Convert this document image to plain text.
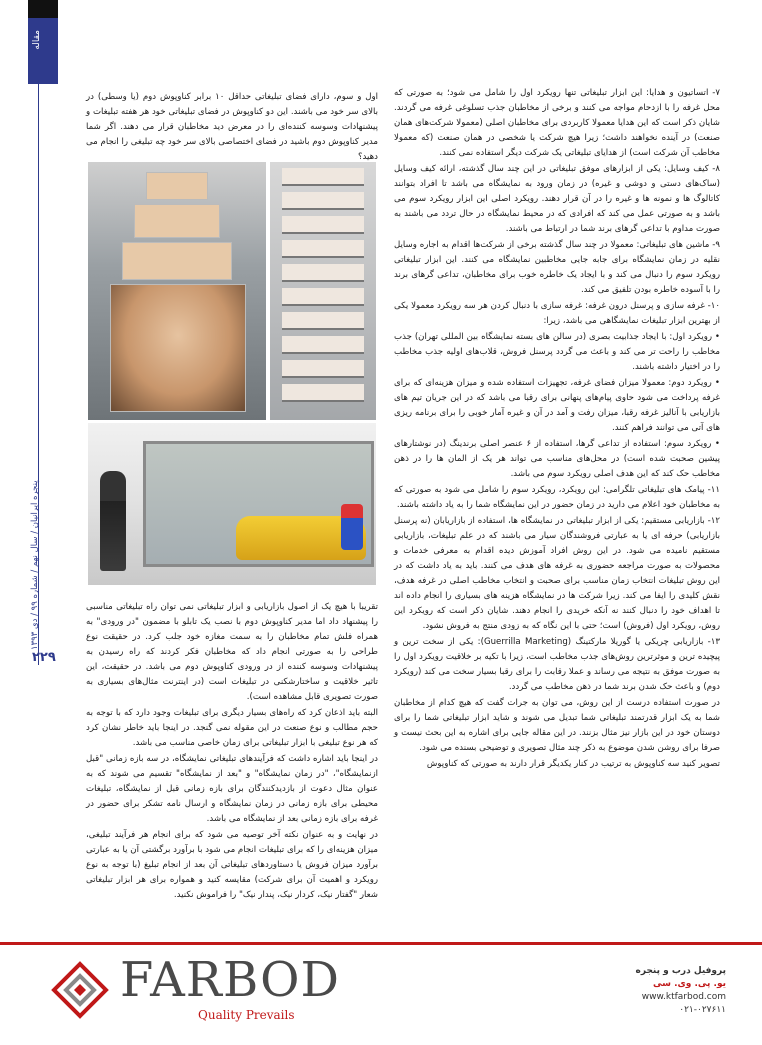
مقاله
پنجره ایرانیان / سال نهم / شماره ۹۹ / دی ۱۳۹۳
۲۲۹

۷- اتساتیون و هدایا: این ابزار تبلیغاتی تنها رویکرد اول را شامل می شود؛ به صورتی که محل غرفه را با ازدحام مواجه می کنند و برخی از مخاطبان جذب تسلوغی غرفه می گردند. شایان ذکر است که این هدایا معمولا کاربردی برای مخاطبان اصلی (معمولا شرکت‌های همان صنعت) در آینده نخواهند داشت؛ زیرا هیچ شرکت یا شخصی در همان صنعت (که معمولا مخاطب آن شرکت است) از هدایای تبلیغاتی یک شرکت دیگر استفاده نمی کنند.

۸- کیف وسایل: یکی از ابزارهای موفق تبلیغاتی در این چند سال گذشته، ارائه کیف وسایل (ساک‌های دستی و دوشی و غیره) در زمان ورود به نمایشگاه می باشد تا افراد بتوانند کاتالوگ ها و نمونه ها و غیره را در آن قرار دهند. رویکرد اصلی این ابزار رویکرد سوم می باشد و به صورتی عمل می کند که افرادی که در محیط نمایشگاه در حال تردد می باشند به صورت مداوم با تداعی گرهای برند شما در ارتباط می باشند.

۹- ماشین های تبلیغاتی: معمولا در چند سال گذشته برخی از شرکت‌ها اقدام به اجاره وسایل نقلیه در زمان نمایشگاه برای جابه جایی مخاطبین نمایشگاه می کنند. این ابزار تبلیغاتی رویکرد سوم را دنبال می کند و با ایجاد یک خاطره خوب برای مخاطبان، تداعی گرهای برند را با آسوده خاطره بودن تلفیق می کند.

۱۰- غرفه سازی و پرسنل درون غرفه: غرفه سازی با دنبال کردن هر سه رویکرد معمولا یکی از بهترین ابزار تبلیغات نمایشگاهی می باشد، زیرا:

• رویکرد اول: با ایجاد جذابیت بصری (در سالن های بسته نمایشگاه بین المللی تهران) جذب مخاطب را راحت تر می کند و باعث می گردد پرسنل فروش، قلاب‌های اولیه جذب مخاطب را در اختیار داشته باشند.

• رویکرد دوم: معمولا میزان فضای غرفه، تجهیزات استفاده شده و میزان هزینه‌ای که برای غرفه پرداخت می شود حاوی پیام‌های پنهانی برای رقبا می باشد که در این جریان تیم های بازاریابی با آنالیز غرفه رقبا، میزان رفت و آمد در آن و غیره آمار خوبی را برای برنامه ریزی های آتی می توانند فراهم کنند.

• رویکرد سوم: استفاده از تداعی گرها، استفاده از ۶ عنصر اصلی برندینگ (در نوشتارهای پیشین صحبت شده است) در محل‌های مناسب می تواند هر یک از المان ها را در ذهن مخاطب حک کند که این هدف اصلی رویکرد سوم می باشد.

۱۱- پیامک های تبلیغاتی تلگرامی: این رویکرد، رویکرد سوم را شامل می شود به صورتی که به مخاطبان خود اعلام می دارید در زمان حضور در این نمایشگاه شما را به یاد داشته باشند.

۱۲- بازاریابی مستقیم: یکی از ابزار تبلیغاتی در نمایشگاه ها، استفاده از بازاریابان (نه پرسنل بازاریابی) حرفه ای یا به عبارتی فروشندگان سیار می باشند که در علم تبلیغات، بازاریابی مستقیم نامیده می شود. در این روش افراد آموزش دیده اقدام به معرفی خدمات و محصولات به صورت مراجعه حضوری به غرفه های هدف می کنند. باید به یاد داشت که در این روش تبلیغات انتخاب زمان مناسب برای صحبت و انتخاب مخاطب اصلی در غرفه هدف، نقش کلیدی را ایفا می کند. زیرا شرکت ها در نمایشگاه هزینه های بسیاری را انجام داده اند تا اهداف خود را دنبال کنند نه آنکه خریدی را انجام دهند. شایان ذکر است که رویکرد این روش، رویکرد اول (فروش) است؛ حتی با این نگاه که به زودی منتج به فروش نشود.

۱۳- بازاریابی چریکی یا گوریلا مارکتینگ (Guerrilla Marketing): یکی از سخت ترین و پیچیده ترین و موثرترین روش‌های جذب مخاطب است، زیرا با تکیه بر خلاقیت رویکرد اول را به صورت موفق به نتیجه می رساند و عملا رقابت را برای رقبا بسیار سخت می کند (رویکرد دوم) و باعث حک شدن برند شما در ذهن مخاطب می گردد.

در صورت استفاده درست از این روش، می توان به جرات گفت که هیچ کدام از مخاطبان شما به یک ابزار قدرتمند تبلیغاتی شما تبدیل می شوند و شاید ابزار تبلیغاتی شما را برای دوستان خود در این بازار نیز مثال بزنند. در این مقاله جایی برای اشاره به این بحث نیست و صرفا برای روشن شدن موضوع به ذکر چند مثال تصویری و توضیحی بسنده می شود.

تصویر کنید سه کناوپوش به ترتیب در کنار یکدیگر قرار دارند به صورتی که کناوپوش

اول و سوم، دارای فضای تبلیغاتی حداقل ۱۰ برابر کناوپوش دوم (یا وسطی) در بالای سر خود می باشند. این دو کناوپوش در فضای تبلیغاتی خود هر هفته تبلیغات و پیشنهادات وسوسه کننده‌ای را در معرض دید مخاطبان قرار می دهند. اگر شما مدیر کناوپوش دوم باشید در فضای اختصاصی بالای سر خود چه تبلیغی را انجام می دهید؟

تقریبا با هیچ یک از اصول بازاریابی و ابزار تبلیغاتی نمی توان راه تبلیغاتی مناسبی را پیشنهاد داد اما مدیر کناوپوش دوم با نصب یک تابلو با مضمون "در ورودی" به همراه فلش تمام مخاطبان را به سمت مغازه خود جلب کرد. در حقیقت نوع طراحی را به صورتی انجام داد که مخاطبان فکر کردند که راه رسیدن به پیشنهادات وسوسه کننده از در ورودی کناوپوش دوم می باشد. در حقیقت، این تاثیر خلاقیت و ساختارشکنی در تبلیغات است (در اینترنت مثال‌های بسیاری به صورت تصویری قابل مشاهده است).

البته باید اذعان کرد که راه‌های بسیار دیگری برای تبلیغات وجود دارد که با توجه به حجم مطالب و نوع صنعت در این مقوله نمی گنجد. در اینجا باید خاطر نشان کرد که هر نوع تبلیغی با ابزار تبلیغاتی برای زمان خاصی مناسب می باشد.

در اینجا باید اشاره داشت که فرآیندهای تبلیغاتی نمایشگاه، در سه بازه زمانی "قبل ازنمایشگاه"، "در زمان نمایشگاه" و "بعد از نمایشگاه" تقسیم می شوند که به عنوان مثال دعوت از بازدیدکنندگان برای بازه زمانی قبل از نمایشگاه، تبلیغات محیطی برای بازه زمانی در زمان نمایشگاه و ارسال نامه تشکر برای حضور در غرفه برای بازه زمانی بعد از نمایشگاه می باشد.

در نهایت و به عنوان نکته آخر توصیه می شود که برای انجام هر فرآیند تبلیغی، میزان هزینه‌ای را که برای تبلیغات انجام می شود با برآورد برگشتی آن یا به عبارتی برآورد میزان فروش یا دستاوردهای تبلیغاتی آن بعد از انجام تبلیغ (با توجه به نوع رویکرد و اهمیت آن برای شرکت) مقایسه کنید و همواره برای هر ابزار تبلیغاتی شعار "گفتار نیک، کردار نیک، پندار نیک" را فراموش نکنید.

FARBOD
Quality Prevails
پروفیل درب و پنجره
یو. پی. وی. سی
www.ktfarbod.com
۰۲۱-۰۲۷۶۱۱
